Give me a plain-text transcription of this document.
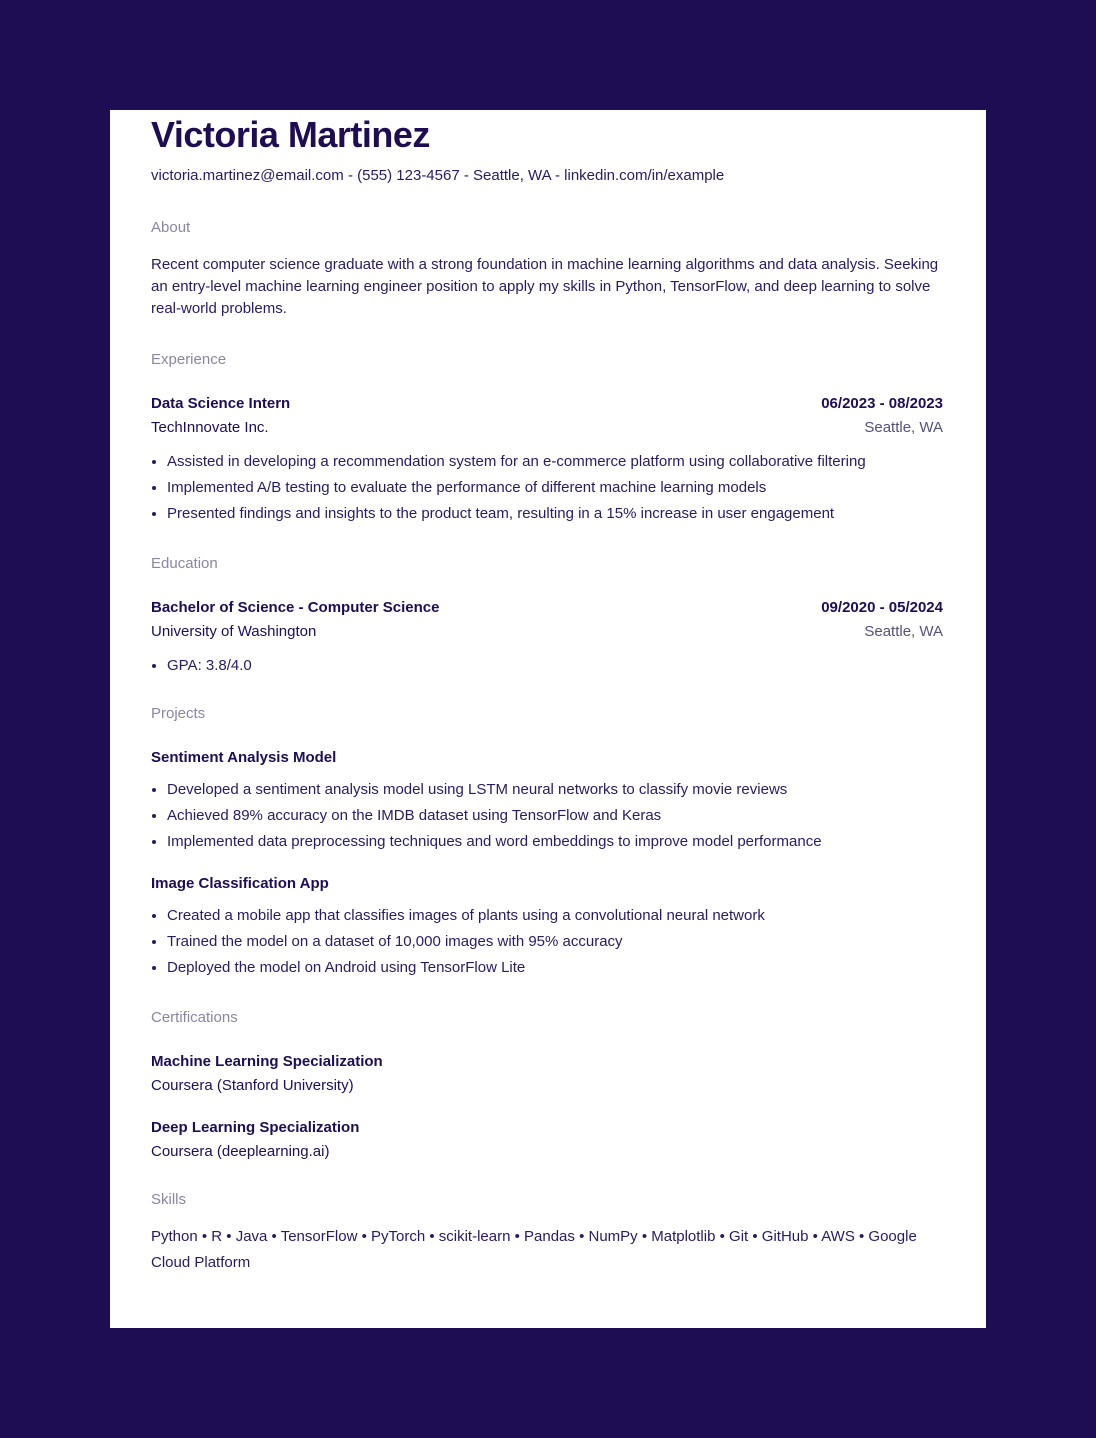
Victoria Martinez
victoria.martinez@email.com - (555) 123-4567 - Seattle, WA - linkedin.com/in/example
About
Recent computer science graduate with a strong foundation in machine learning algorithms and data analysis. Seeking an entry-level machine learning engineer position to apply my skills in Python, TensorFlow, and deep learning to solve real-world problems.
Experience
Data Science Intern	06/2023 - 08/2023
TechInnovate Inc.	Seattle, WA
• Assisted in developing a recommendation system for an e-commerce platform using collaborative filtering
• Implemented A/B testing to evaluate the performance of different machine learning models
• Presented findings and insights to the product team, resulting in a 15% increase in user engagement
Education
Bachelor of Science - Computer Science	09/2020 - 05/2024
University of Washington	Seattle, WA
• GPA: 3.8/4.0
Projects
Sentiment Analysis Model
• Developed a sentiment analysis model using LSTM neural networks to classify movie reviews
• Achieved 89% accuracy on the IMDB dataset using TensorFlow and Keras
• Implemented data preprocessing techniques and word embeddings to improve model performance
Image Classification App
• Created a mobile app that classifies images of plants using a convolutional neural network
• Trained the model on a dataset of 10,000 images with 95% accuracy
• Deployed the model on Android using TensorFlow Lite
Certifications
Machine Learning Specialization
Coursera (Stanford University)
Deep Learning Specialization
Coursera (deeplearning.ai)
Skills
Python • R • Java • TensorFlow • PyTorch • scikit-learn • Pandas • NumPy • Matplotlib • Git • GitHub • AWS • Google Cloud Platform
